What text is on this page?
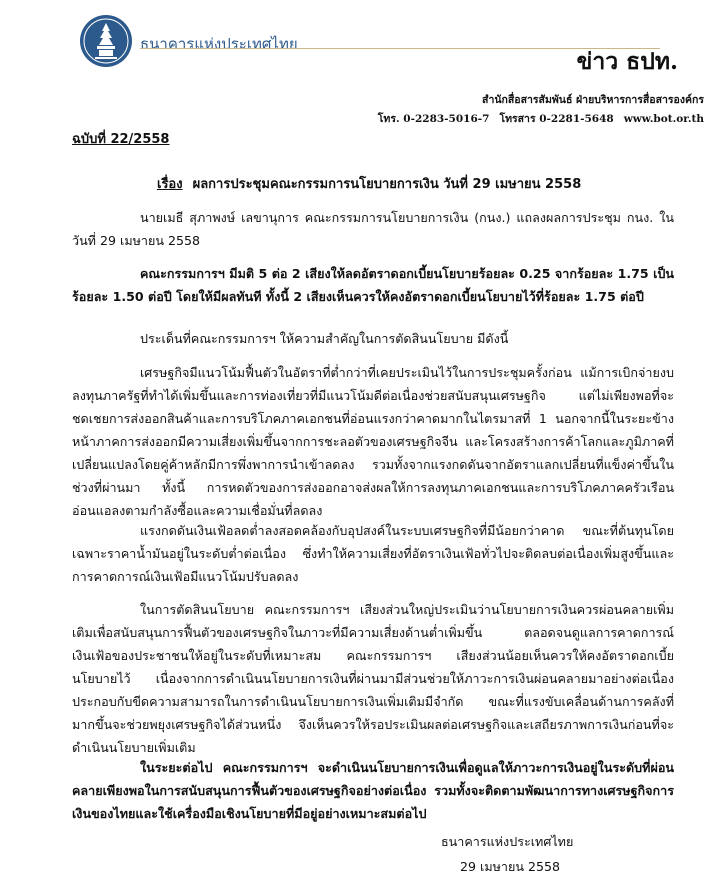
ธนาคารแห่งประเทศไทย
ข่าว ธปท.
สำนักสื่อสารสัมพันธ์ ฝ่ายบริหารการสื่อสารองค์กร
โทร. 0-2283-5016-7 โทรสาร 0-2281-5648 www.bot.or.th
ฉบับที่ 22/2558
เรื่อง ผลการประชุมคณะกรรมการนโยบายการเงิน วันที่ 29 เมษายน 2558

นายเมธี สุภาพงษ์ เลขานุการ คณะกรรมการนโยบายการเงิน (กนง.) แถลงผลการประชุม กนง. ในวันที่ 29 เมษายน 2558

คณะกรรมการฯ มีมติ 5 ต่อ 2 เสียงให้ลดอัตราดอกเบี้ยนโยบายร้อยละ 0.25 จากร้อยละ 1.75 เป็นร้อยละ 1.50 ต่อปี โดยให้มีผลทันที ทั้งนี้ 2 เสียงเห็นควรให้คงอัตราดอกเบี้ยนโยบายไว้ที่ร้อยละ 1.75 ต่อปี

ประเด็นที่คณะกรรมการฯ ให้ความสำคัญในการตัดสินนโยบาย มีดังนี้

เศรษฐกิจมีแนวโน้มฟื้นตัวในอัตราที่ต่ำกว่าที่เคยประเมินไว้ในการประชุมครั้งก่อน แม้การเบิกจ่ายงบลงทุนภาครัฐที่ทำได้เพิ่มขึ้นและการท่องเที่ยวที่มีแนวโน้มดีต่อเนื่องช่วยสนับสนุนเศรษฐกิจ แต่ไม่เพียงพอที่จะชดเชยการส่งออกสินค้าและการบริโภคภาคเอกชนที่อ่อนแรงกว่าคาดมากในไตรมาสที่ 1 นอกจากนี้ในระยะข้างหน้าภาคการส่งออกมีความเสี่ยงเพิ่มขึ้นจากการชะลอตัวของเศรษฐกิจจีน และโครงสร้างการค้าโลกและภูมิภาคที่เปลี่ยนแปลงโดยคู่ค้าหลักมีการพึ่งพาการนำเข้าลดลง รวมทั้งจากแรงกดดันจากอัตราแลกเปลี่ยนที่แข็งค่าขึ้นในช่วงที่ผ่านมา ทั้งนี้ การหดตัวของการส่งออกอาจส่งผลให้การลงทุนภาคเอกชนและการบริโภคภาคครัวเรือนอ่อนแอลงตามกำลังซื้อและความเชื่อมั่นที่ลดลง

แรงกดดันเงินเฟ้อลดต่ำลงสอดคล้องกับอุปสงค์ในระบบเศรษฐกิจที่มีน้อยกว่าคาด ขณะที่ต้นทุนโดยเฉพาะราคาน้ำมันอยู่ในระดับต่ำต่อเนื่อง ซึ่งทำให้ความเสี่ยงที่อัตราเงินเฟ้อทั่วไปจะติดลบต่อเนื่องเพิ่มสูงขึ้นและการคาดการณ์เงินเฟ้อมีแนวโน้มปรับลดลง

ในการตัดสินนโยบาย คณะกรรมการฯ เสียงส่วนใหญ่ประเมินว่านโยบายการเงินควรผ่อนคลายเพิ่มเติมเพื่อสนับสนุนการฟื้นตัวของเศรษฐกิจในภาวะที่มีความเสี่ยงด้านต่ำเพิ่มขึ้น ตลอดจนดูแลการคาดการณ์เงินเฟ้อของประชาชนให้อยู่ในระดับที่เหมาะสม คณะกรรมการฯ เสียงส่วนน้อยเห็นควรให้คงอัตราดอกเบี้ยนโยบายไว้ เนื่องจากการดำเนินนโยบายการเงินที่ผ่านมามีส่วนช่วยให้ภาวะการเงินผ่อนคลายมาอย่างต่อเนื่อง ประกอบกับขีดความสามารถในการดำเนินนโยบายการเงินเพิ่มเติมมีจำกัด ขณะที่แรงขับเคลื่อนด้านการคลังที่มากขึ้นจะช่วยพยุงเศรษฐกิจได้ส่วนหนึ่ง จึงเห็นควรให้รอประเมินผลต่อเศรษฐกิจและเสถียรภาพการเงินก่อนที่จะดำเนินนโยบายเพิ่มเติม

ในระยะต่อไป คณะกรรมการฯ จะดำเนินนโยบายการเงินเพื่อดูแลให้ภาวะการเงินอยู่ในระดับที่ผ่อนคลายเพียงพอในการสนับสนุนการฟื้นตัวของเศรษฐกิจอย่างต่อเนื่อง รวมทั้งจะติดตามพัฒนาการทางเศรษฐกิจการเงินของไทยและใช้เครื่องมือเชิงนโยบายที่มีอยู่อย่างเหมาะสมต่อไป

ธนาคารแห่งประเทศไทย
29 เมษายน 2558
